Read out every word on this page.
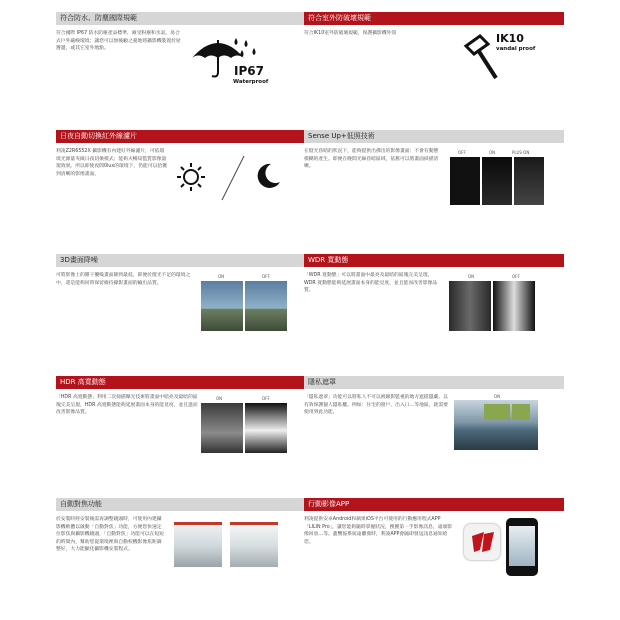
符合防水、防塵國際規範
符合國際 IP67 防水防塵產品標準，耐受粉塵和水氣，易合式戶外嚴峻環境；讓您可以無後顧之憂地將攝影機裝置於屋簷邊，或其它室外地點。
IP67
Waterproof
符合室外防破壞規範
符合IK10室外防破壞規範，保護攝影機外殼	IK10
vandal proof
日夜自動切換紅外線濾片
利凌Z2R6552X 攝影機有內建紅外線濾片，可依環境光源量夾做日夜切換模式；能夠夫暢知監質影像量現效果。所以即使夜間0lux的環境下，仍能可以拾獲到清晰的影像畫面。
Sense Up+低照技術
在燈光昏暗的狀況下，能夠提供出佛出的影像畫面；不會有動態模糊的產生。即便在晚間光線昏暗區域，依舊可以將畫面掃描清晰。
OFF	ON	PLUS ON
3D畫面降噪
可將影像上的雜干擾噪畫面降到最低，即便於燈光不足的環境之中，還是能夠同時保留維持錄影畫面的輸出品質。
ON	OFF
WDR 寬動態
「WDR 寬動態」可以將畫面中最亮及最暗的區塊完美呈現，WDR 寬動態能夠延展畫面本身的能見度，並且能而改善影像品質。
ON	OFF
HDR 高寬動態
「HDR 高寬動態」利用二次掃描曝光技術將畫面中暗亮及最暗的區塊完美呈現，HDR 高寬動態能夠延展畫面本身的能見度，並且進而改善影像品質。
ON	OFF
隱私遮罩
「隱私遮罩」功能可以將私人不可以被錄影監視的地方遮擋隱藏，以有效保護個人隱私權。例如：住宅的窗戶、出入口…等地區，就需要使用到此功能。
ON
自動對焦功能
於安裝時經安裝後需再調整鏡頭時，可使用內建攝影機軟體以啟動「自動對焦」功能，方便您快速定位影焦與攝影機鏡頭，「自動對焦」功能可以在短短的時間內，幫助您從環境裡與自動校機影像焦距調整好，大力能顯化攝影機安裝程式。
行動影像APP
利凌提供安卓Android和蘋果iOS平台可使用的行動應用程式APP「LILIN Pro」，讓您能夠隨時掌握狀況，搜獲第一手影像訊息，遠端影像回放…等。蓋響報系統遠離發時，利凌APP會隨即發送訊息通知給您。
